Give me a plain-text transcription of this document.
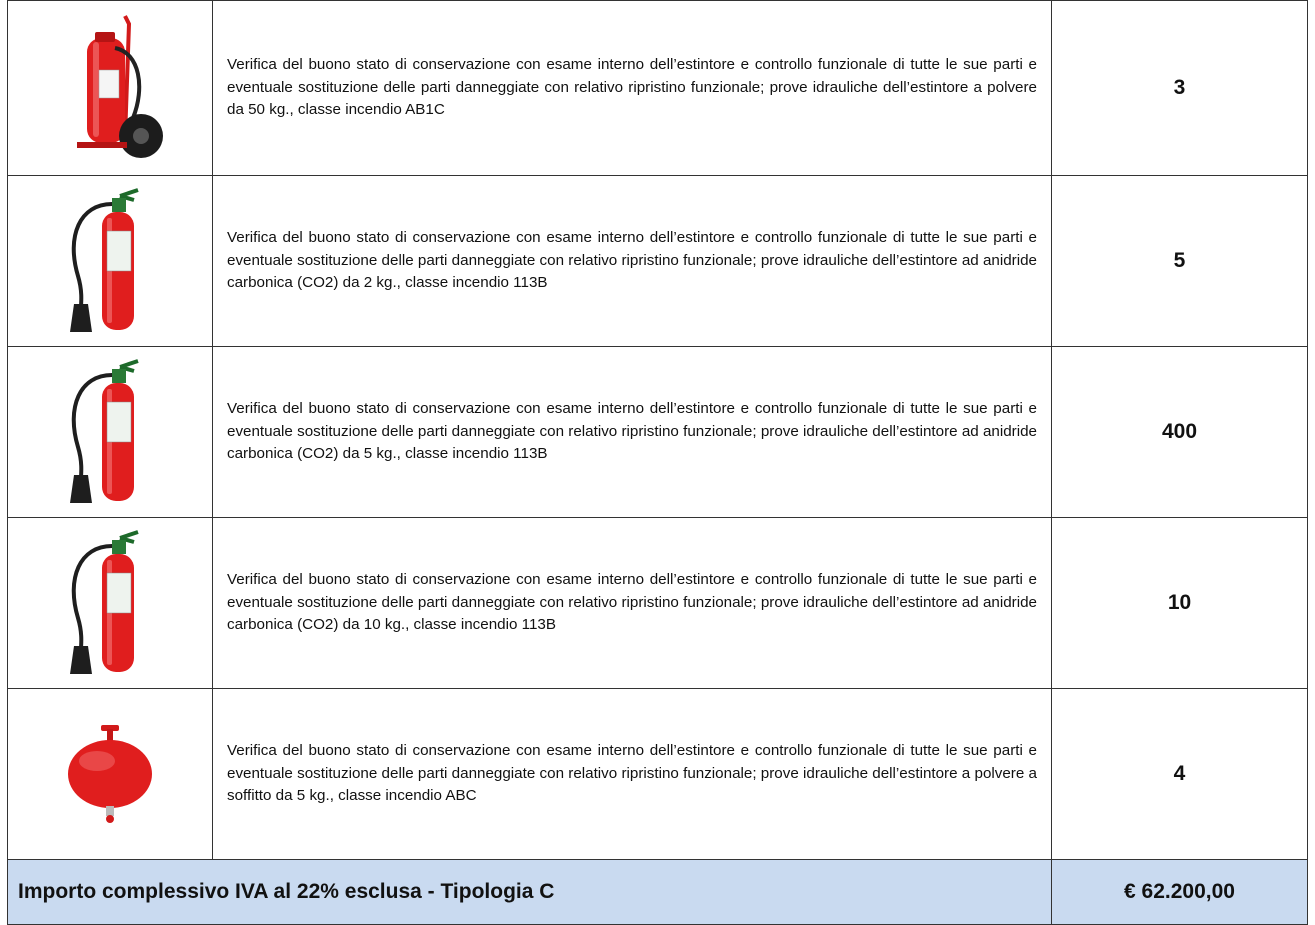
	Verifica del buono stato di conservazione con esame interno dell’estintore e controllo funzionale di tutte le sue parti e eventuale sostituzione delle parti danneggiate con relativo ripristino funzionale; prove idrauliche dell’estintore a polvere da 50 kg., classe incendio AB1C	3

	Verifica del buono stato di conservazione con esame interno dell’estintore e controllo funzionale di tutte le sue parti e eventuale sostituzione delle parti danneggiate con relativo ripristino funzionale; prove idrauliche dell’estintore ad anidride carbonica (CO2) da 2 kg., classe incendio 113B	5

	Verifica del buono stato di conservazione con esame interno dell’estintore e controllo funzionale di tutte le sue parti e eventuale sostituzione delle parti danneggiate con relativo ripristino funzionale; prove idrauliche dell’estintore ad anidride carbonica (CO2) da 5 kg., classe incendio 113B	400

	Verifica del buono stato di conservazione con esame interno dell’estintore e controllo funzionale di tutte le sue parti e eventuale sostituzione delle parti danneggiate con relativo ripristino funzionale; prove idrauliche dell’estintore ad anidride carbonica (CO2) da 10 kg., classe incendio 113B	10

	Verifica del buono stato di conservazione con esame interno dell’estintore e controllo funzionale di tutte le sue parti e eventuale sostituzione delle parti danneggiate con relativo ripristino funzionale; prove idrauliche dell’estintore a polvere a soffitto da 5 kg., classe incendio ABC	4
Importo complessivo IVA al 22% esclusa - Tipologia C		€ 62.200,00
